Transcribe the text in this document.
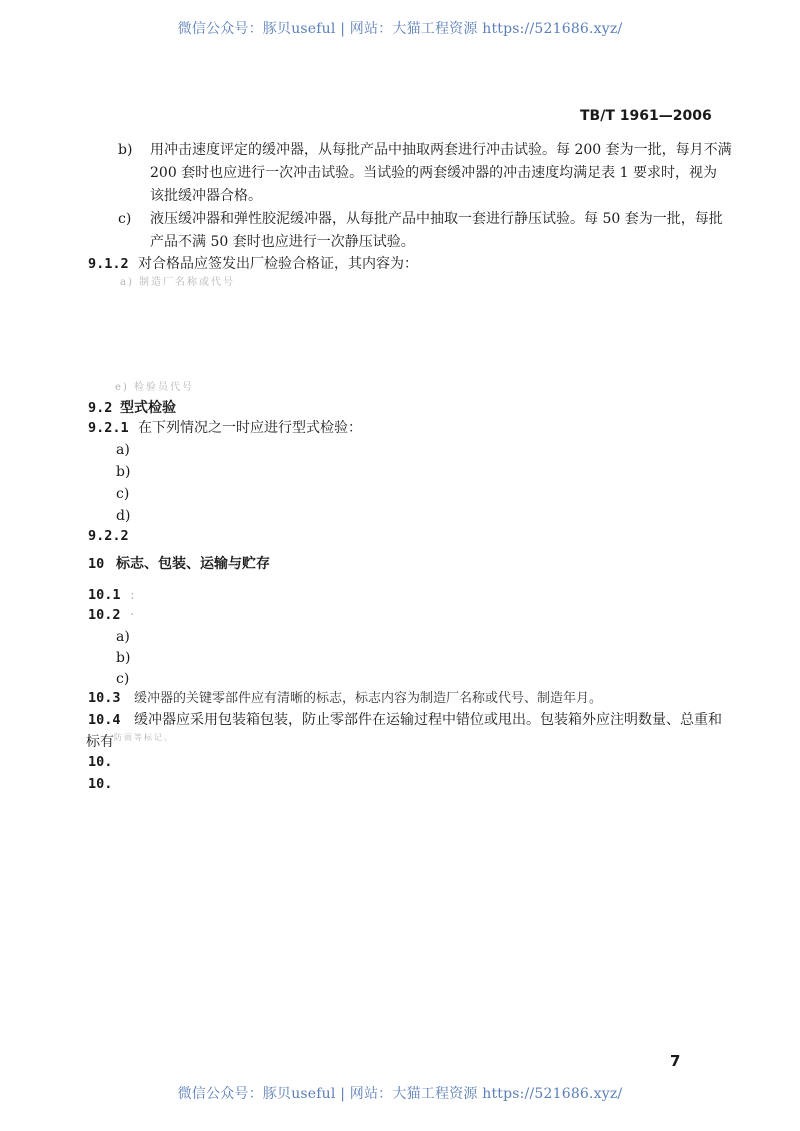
微信公众号：豚贝useful | 网站：大猫工程资源 https://521686.xyz/
TB/T 1961—2006
b) 用冲击速度评定的缓冲器，从每批产品中抽取两套进行冲击试验。每 200 套为一批，每月不满
200 套时也应进行一次冲击试验。当试验的两套缓冲器的冲击速度均满足表 1 要求时，视为
该批缓冲器合格。
c) 液压缓冲器和弹性胶泥缓冲器，从每批产品中抽取一套进行静压试验。每 50 套为一批，每批
产品不满 50 套时也应进行一次静压试验。
9.1.2 对合格品应签发出厂检验合格证，其内容为：
a) 制造厂名称或代号
e) 检验员代号
9.2 型式检验
9.2.1 在下列情况之一时应进行型式检验：
a)
b)
c)
d)
9.2.2
10 标志、包装、运输与贮存
10.1 :
10.2 ·
a)
b)
c)
10.3 缓冲器的关键零部件应有清晰的标志，标志内容为制造厂名称或代号、制造年月。
10.4 缓冲器应采用包装箱包装，防止零部件在运输过程中错位或甩出。包装箱外应注明数量、总重和
标有$^{防雨等标记。}$
10.
10.
7
微信公众号：豚贝useful | 网站：大猫工程资源 https://521686.xyz/
